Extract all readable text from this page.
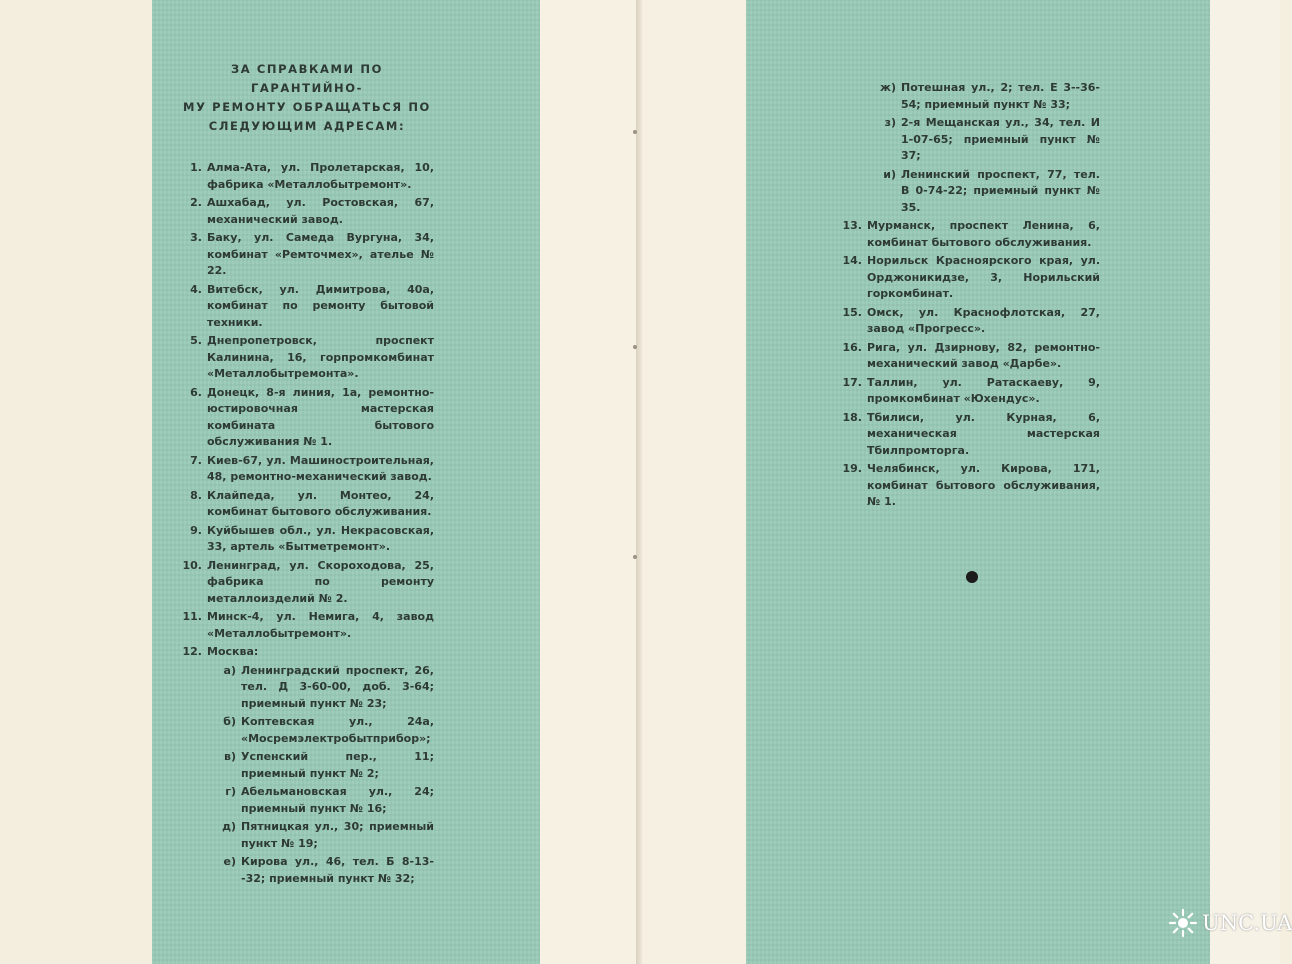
ЗА СПРАВКАМИ ПО ГАРАНТИЙНО-
МУ РЕМОНТУ ОБРАЩАТЬСЯ ПО
СЛЕДУЮЩИМ АДРЕСАМ:
1. Алма-Ата, ул. Пролетарская, 10, фабрика «Металлобытремонт».
2. Ашхабад, ул. Ростовская, 67, механический завод.
3. Баку, ул. Самеда Вургуна, 34, комбинат «Ремточмех», ателье № 22.
4. Витебск, ул. Димитрова, 40а, комбинат по ремонту бытовой техники.
5. Днепропетровск, проспект Калинина, 16, горпромкомбинат «Металлобытремонта».
6. Донецк, 8-я линия, 1а, ремонтно-юстировочная мастерская комбината бытового обслуживания № 1.
7. Киев-67, ул. Машиностроительная, 48, ремонтно-механический завод.
8. Клайпеда, ул. Монтео, 24, комбинат бытового обслуживания.
9. Куйбышев обл., ул. Некрасовская, 33, артель «Бытметремонт».
10. Ленинград, ул. Скороходова, 25, фабрика по ремонту металлоизделий № 2.
11. Минск-4, ул. Немига, 4, завод «Металлобытремонт».
12. Москва:
а) Ленинградский проспект, 26, тел. Д 3-60-00, доб. 3-64; приемный пункт № 23;
б) Коптевская ул., 24а, «Мосремэлектробытприбор»;
в) Успенский пер., 11; приемный пункт № 2;
г) Абельмановская ул., 24; приемный пункт № 16;
д) Пятницкая ул., 30; приемный пункт № 19;
е) Кирова ул., 46, тел. Б 8-13--32; приемный пункт № 32;
ж) Потешная ул., 2; тел. Е 3--36-54; приемный пункт № 33;
з) 2-я Мещанская ул., 34, тел. И 1-07-65; приемный пункт № 37;
и) Ленинский проспект, 77, тел. В 0-74-22; приемный пункт № 35.
13. Мурманск, проспект Ленина, 6, комбинат бытового обслуживания.
14. Норильск Красноярского края, ул. Орджоникидзе, 3, Норильский горкомбинат.
15. Омск, ул. Краснофлотская, 27, завод «Прогресс».
16. Рига, ул. Дзирнову, 82, ремонтно-механический завод «Дарбе».
17. Таллин, ул. Ратаскаеву, 9, промкомбинат «Юхендус».
18. Тбилиси, ул. Курная, 6, механическая мастерская Тбилпромторга.
19. Челябинск, ул. Кирова, 171, комбинат бытового обслуживания, № 1.
UNC.UA
